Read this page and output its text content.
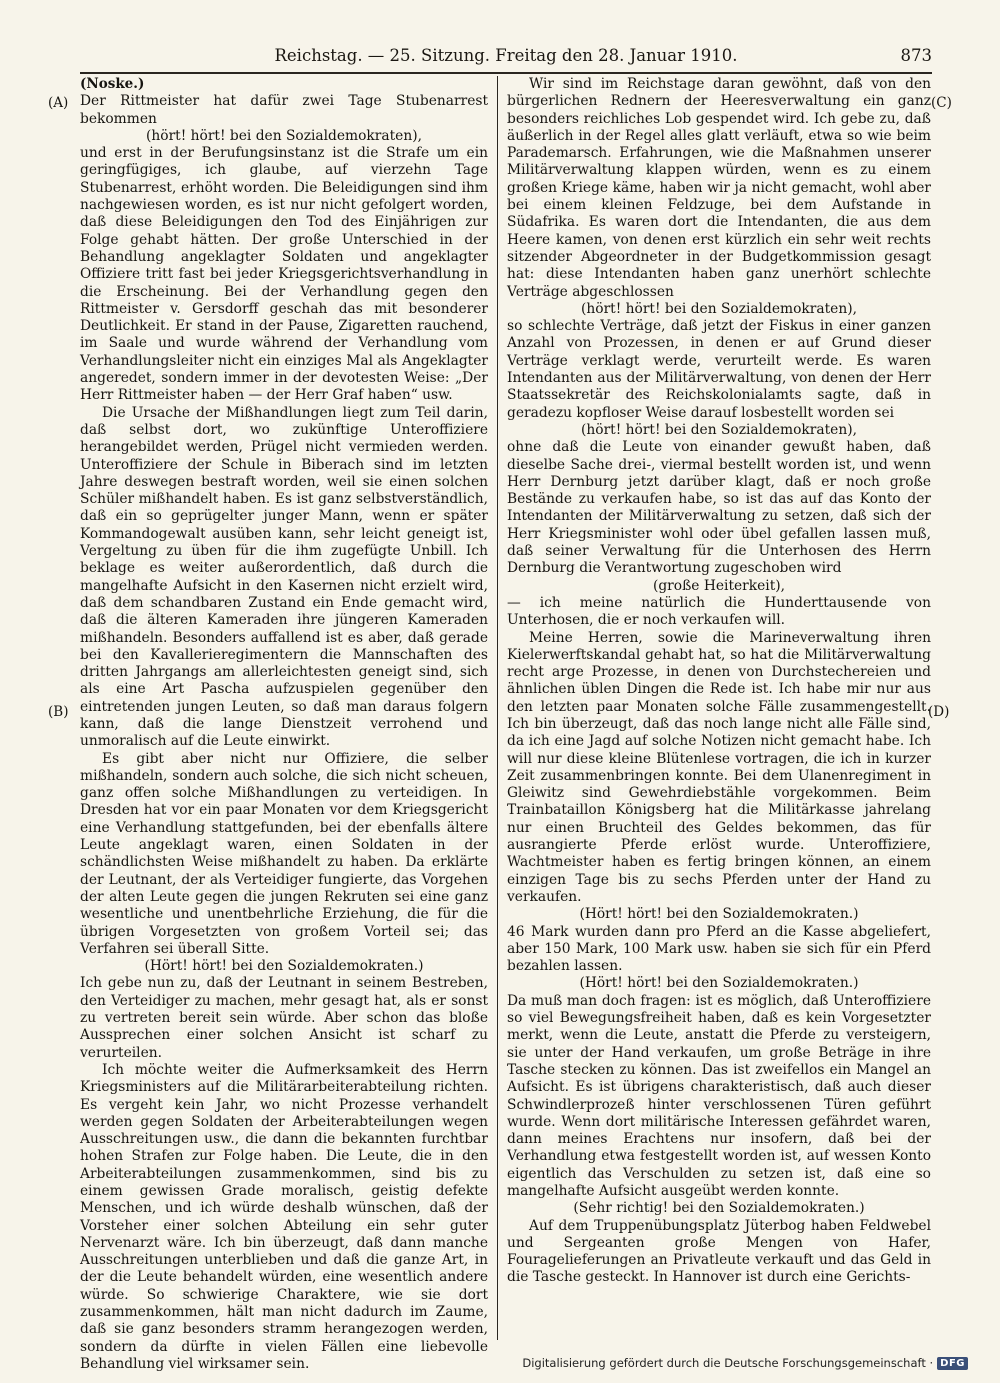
Reichstag. — 25. Sitzung. Freitag den 28. Januar 1910.	873
(A)
(B)
(C)
(D)

(Noske.)

Der Rittmeister hat dafür zwei Tage Stubenarrest bekommen

(hört! hört! bei den Sozialdemokraten),

und erst in der Berufungsinstanz ist die Strafe um ein geringfügiges, ich glaube, auf vierzehn Tage Stubenarrest, erhöht worden. Die Beleidigungen sind ihm nachgewiesen worden, es ist nur nicht gefolgert worden, daß diese Beleidigungen den Tod des Einjährigen zur Folge gehabt hätten. Der große Unterschied in der Behandlung angeklagter Soldaten und angeklagter Offiziere tritt fast bei jeder Kriegsgerichtsverhandlung in die Erscheinung. Bei der Verhandlung gegen den Rittmeister v. Gersdorff geschah das mit besonderer Deutlichkeit. Er stand in der Pause, Zigaretten rauchend, im Saale und wurde während der Verhandlung vom Verhandlungsleiter nicht ein einziges Mal als Angeklagter angeredet, sondern immer in der devotesten Weise: „Der Herr Rittmeister haben — der Herr Graf haben“ usw.

Die Ursache der Mißhandlungen liegt zum Teil darin, daß selbst dort, wo zukünftige Unteroffiziere herangebildet werden, Prügel nicht vermieden werden. Unteroffiziere der Schule in Biberach sind im letzten Jahre deswegen bestraft worden, weil sie einen solchen Schüler mißhandelt haben. Es ist ganz selbstverständlich, daß ein so geprügelter junger Mann, wenn er später Kommandogewalt ausüben kann, sehr leicht geneigt ist, Vergeltung zu üben für die ihm zugefügte Unbill. Ich beklage es weiter außerordentlich, daß durch die mangelhafte Aufsicht in den Kasernen nicht erzielt wird, daß dem schandbaren Zustand ein Ende gemacht wird, daß die älteren Kameraden ihre jüngeren Kameraden mißhandeln. Besonders auffallend ist es aber, daß gerade bei den Kavallerieregimentern die Mannschaften des dritten Jahrgangs am allerleichtesten geneigt sind, sich als eine Art Pascha aufzuspielen gegenüber den eintretenden jungen Leuten, so daß man daraus folgern kann, daß die lange Dienstzeit verrohend und unmoralisch auf die Leute einwirkt.

Es gibt aber nicht nur Offiziere, die selber mißhandeln, sondern auch solche, die sich nicht scheuen, ganz offen solche Mißhandlungen zu verteidigen. In Dresden hat vor ein paar Monaten vor dem Kriegsgericht eine Verhandlung stattgefunden, bei der ebenfalls ältere Leute angeklagt waren, einen Soldaten in der schändlichsten Weise mißhandelt zu haben. Da erklärte der Leutnant, der als Verteidiger fungierte, das Vorgehen der alten Leute gegen die jungen Rekruten sei eine ganz wesentliche und unentbehrliche Erziehung, die für die übrigen Vorgesetzten von großem Vorteil sei; das Verfahren sei überall Sitte.

(Hört! hört! bei den Sozialdemokraten.)

Ich gebe nun zu, daß der Leutnant in seinem Bestreben, den Verteidiger zu machen, mehr gesagt hat, als er sonst zu vertreten bereit sein würde. Aber schon das bloße Aussprechen einer solchen Ansicht ist scharf zu verurteilen.

Ich möchte weiter die Aufmerksamkeit des Herrn Kriegsministers auf die Militärarbeiterabteilung richten. Es vergeht kein Jahr, wo nicht Prozesse verhandelt werden gegen Soldaten der Arbeiterabteilungen wegen Ausschreitungen usw., die dann die bekannten furchtbar hohen Strafen zur Folge haben. Die Leute, die in den Arbeiterabteilungen zusammenkommen, sind bis zu einem gewissen Grade moralisch, geistig defekte Menschen, und ich würde deshalb wünschen, daß der Vorsteher einer solchen Abteilung ein sehr guter Nervenarzt wäre. Ich bin überzeugt, daß dann manche Ausschreitungen unterblieben und daß die ganze Art, in der die Leute behandelt würden, eine wesentlich andere würde. So schwierige Charaktere, wie sie dort zusammenkommen, hält man nicht dadurch im Zaume, daß sie ganz besonders stramm herangezogen werden, sondern da dürfte in vielen Fällen eine liebevolle Behandlung viel wirksamer sein.

Wir sind im Reichstage daran gewöhnt, daß von den bürgerlichen Rednern der Heeresverwaltung ein ganz besonders reichliches Lob gespendet wird. Ich gebe zu, daß äußerlich in der Regel alles glatt verläuft, etwa so wie beim Parademarsch. Erfahrungen, wie die Maßnahmen unserer Militärverwaltung klappen würden, wenn es zu einem großen Kriege käme, haben wir ja nicht gemacht, wohl aber bei einem kleinen Feldzuge, bei dem Aufstande in Südafrika. Es waren dort die Intendanten, die aus dem Heere kamen, von denen erst kürzlich ein sehr weit rechts sitzender Abgeordneter in der Budgetkommission gesagt hat: diese Intendanten haben ganz unerhört schlechte Verträge abgeschlossen

(hört! hört! bei den Sozialdemokraten),

so schlechte Verträge, daß jetzt der Fiskus in einer ganzen Anzahl von Prozessen, in denen er auf Grund dieser Verträge verklagt werde, verurteilt werde. Es waren Intendanten aus der Militärverwaltung, von denen der Herr Staatssekretär des Reichskolonialamts sagte, daß in geradezu kopfloser Weise darauf losbestellt worden sei

(hört! hört! bei den Sozialdemokraten),

ohne daß die Leute von einander gewußt haben, daß dieselbe Sache drei-, viermal bestellt worden ist, und wenn Herr Dernburg jetzt darüber klagt, daß er noch große Bestände zu verkaufen habe, so ist das auf das Konto der Intendanten der Militärverwaltung zu setzen, daß sich der Herr Kriegsminister wohl oder übel gefallen lassen muß, daß seiner Verwaltung für die Unterhosen des Herrn Dernburg die Verantwortung zugeschoben wird

(große Heiterkeit),

— ich meine natürlich die Hunderttausende von Unterhosen, die er noch verkaufen will.

Meine Herren, sowie die Marineverwaltung ihren Kielerwerftskandal gehabt hat, so hat die Militärverwaltung recht arge Prozesse, in denen von Durchstechereien und ähnlichen üblen Dingen die Rede ist. Ich habe mir nur aus den letzten paar Monaten solche Fälle zusammengestellt. Ich bin überzeugt, daß das noch lange nicht alle Fälle sind, da ich eine Jagd auf solche Notizen nicht gemacht habe. Ich will nur diese kleine Blütenlese vortragen, die ich in kurzer Zeit zusammenbringen konnte. Bei dem Ulanenregiment in Gleiwitz sind Gewehrdiebstähle vorgekommen. Beim Trainbataillon Königsberg hat die Militärkasse jahrelang nur einen Bruchteil des Geldes bekommen, das für ausrangierte Pferde erlöst wurde. Unteroffiziere, Wachtmeister haben es fertig bringen können, an einem einzigen Tage bis zu sechs Pferden unter der Hand zu verkaufen.

(Hört! hört! bei den Sozialdemokraten.)

46 Mark wurden dann pro Pferd an die Kasse abgeliefert, aber 150 Mark, 100 Mark usw. haben sie sich für ein Pferd bezahlen lassen.

(Hört! hört! bei den Sozialdemokraten.)

Da muß man doch fragen: ist es möglich, daß Unteroffiziere so viel Bewegungsfreiheit haben, daß es kein Vorgesetzter merkt, wenn die Leute, anstatt die Pferde zu versteigern, sie unter der Hand verkaufen, um große Beträge in ihre Tasche stecken zu können. Das ist zweifellos ein Mangel an Aufsicht. Es ist übrigens charakteristisch, daß auch dieser Schwindlerprozeß hinter verschlossenen Türen geführt wurde. Wenn dort militärische Interessen gefährdet waren, dann meines Erachtens nur insofern, daß bei der Verhandlung etwa festgestellt worden ist, auf wessen Konto eigentlich das Verschulden zu setzen ist, daß eine so mangelhafte Aufsicht ausgeübt werden konnte.

(Sehr richtig! bei den Sozialdemokraten.)

Auf dem Truppenübungsplatz Jüterbog haben Feldwebel und Sergeanten große Mengen von Hafer, Fouragelieferungen an Privatleute verkauft und das Geld in die Tasche gesteckt. In Hannover ist durch eine Gerichts-

Digitalisierung gefördert durch die Deutsche Forschungsgemeinschaft · DFG
